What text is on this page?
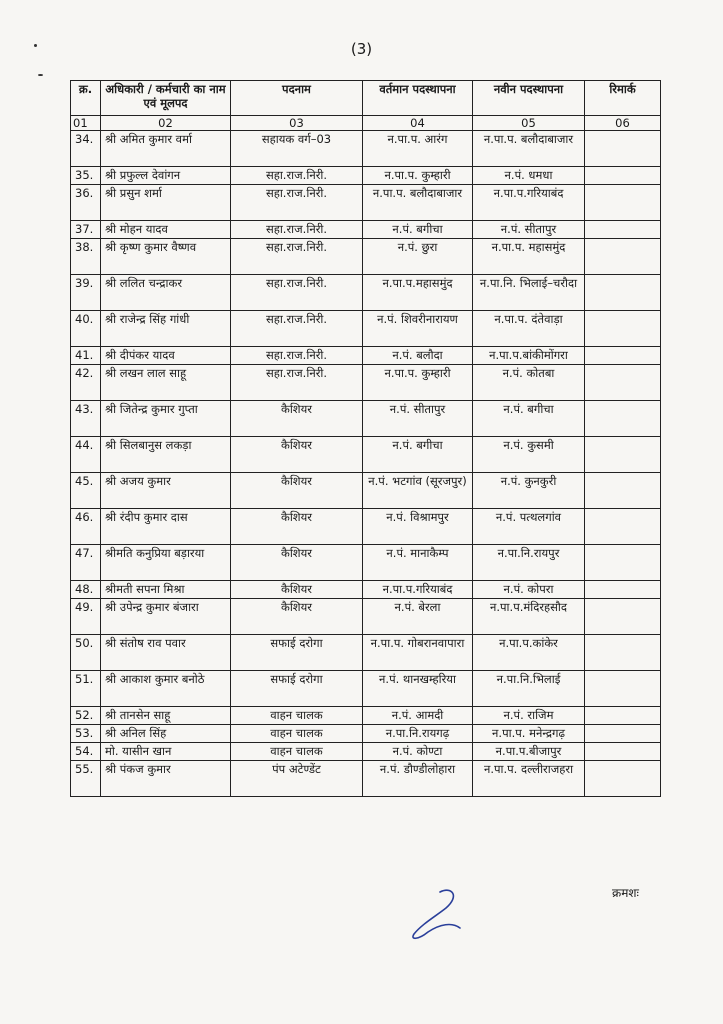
(3)
क्र.	अधिकारी / कर्मचारी का नाम एवं मूलपद	पदनाम	वर्तमान पदस्थापना	नवीन पदस्थापना	रिमार्क
01	02	03	04	05	06
34.	श्री अमित कुमार वर्मा	सहायक वर्ग–03	न.पा.प. आरंग	न.पा.प. बलौदाबाजार	
35.	श्री प्रफुल्ल देवांगन	सहा.राज.निरी.	न.पा.प. कुम्हारी	न.पं. धमधा	
36.	श्री प्रसुन शर्मा	सहा.राज.निरी.	न.पा.प. बलौदाबाजार	न.पा.प.गरियाबंद	
37.	श्री मोहन यादव	सहा.राज.निरी.	न.पं. बगीचा	न.पं. सीतापुर	
38.	श्री कृष्ण कुमार वैष्णव	सहा.राज.निरी.	न.पं. छुरा	न.पा.प. महासमुंद	
39.	श्री ललित चन्द्राकर	सहा.राज.निरी.	न.पा.प.महासमुंद	न.पा.नि. भिलाई–चरौदा	
40.	श्री राजेन्द्र सिंह गांधी	सहा.राज.निरी.	न.पं. शिवरीनारायण	न.पा.प. दंतेवाड़ा	
41.	श्री दीपंकर यादव	सहा.राज.निरी.	न.पं. बलौदा	न.पा.प.बांकीमोंगरा	
42.	श्री लखन लाल साहू	सहा.राज.निरी.	न.पा.प. कुम्हारी	न.पं. कोतबा	
43.	श्री जितेन्द्र कुमार गुप्ता	कैशियर	न.पं. सीतापुर	न.पं. बगीचा	
44.	श्री सिलबानुस लकड़ा	कैशियर	न.पं. बगीचा	न.पं. कुसमी	
45.	श्री अजय कुमार	कैशियर	न.पं. भटगांव (सूरजपुर)	न.पं. कुनकुरी	
46.	श्री रंदीप कुमार दास	कैशियर	न.पं. विश्रामपुर	न.पं. पत्थलगांव	
47.	श्रीमति कनुप्रिया बड़ारया	कैशियर	न.पं. मानाकैम्प	न.पा.नि.रायपुर	
48.	श्रीमती सपना मिश्रा	कैशियर	न.पा.प.गरियाबंद	न.पं. कोपरा	
49.	श्री उपेन्द्र कुमार बंजारा	कैशियर	न.पं. बेरला	न.पा.प.मंदिरहसौद	
50.	श्री संतोष राव पवार	सफाई दरोगा	न.पा.प. गोबरानवापारा	न.पा.प.कांकेर	
51.	श्री आकाश कुमार बनोठे	सफाई दरोगा	न.पं. थानखम्हरिया	न.पा.नि.भिलाई	
52.	श्री तानसेन साहू	वाहन चालक	न.पं. आमदी	न.पं. राजिम	
53.	श्री अनिल सिंह	वाहन चालक	न.पा.नि.रायगढ़	न.पा.प. मनेन्द्रगढ़	
54.	मो. यासीन खान	वाहन चालक	न.पं. कोण्टा	न.पा.प.बीजापुर	
55.	श्री पंकज कुमार	पंप अटेण्डेंट	न.पं. डौण्डीलोहारा	न.पा.प. दल्लीराजहरा	
क्रमशः
